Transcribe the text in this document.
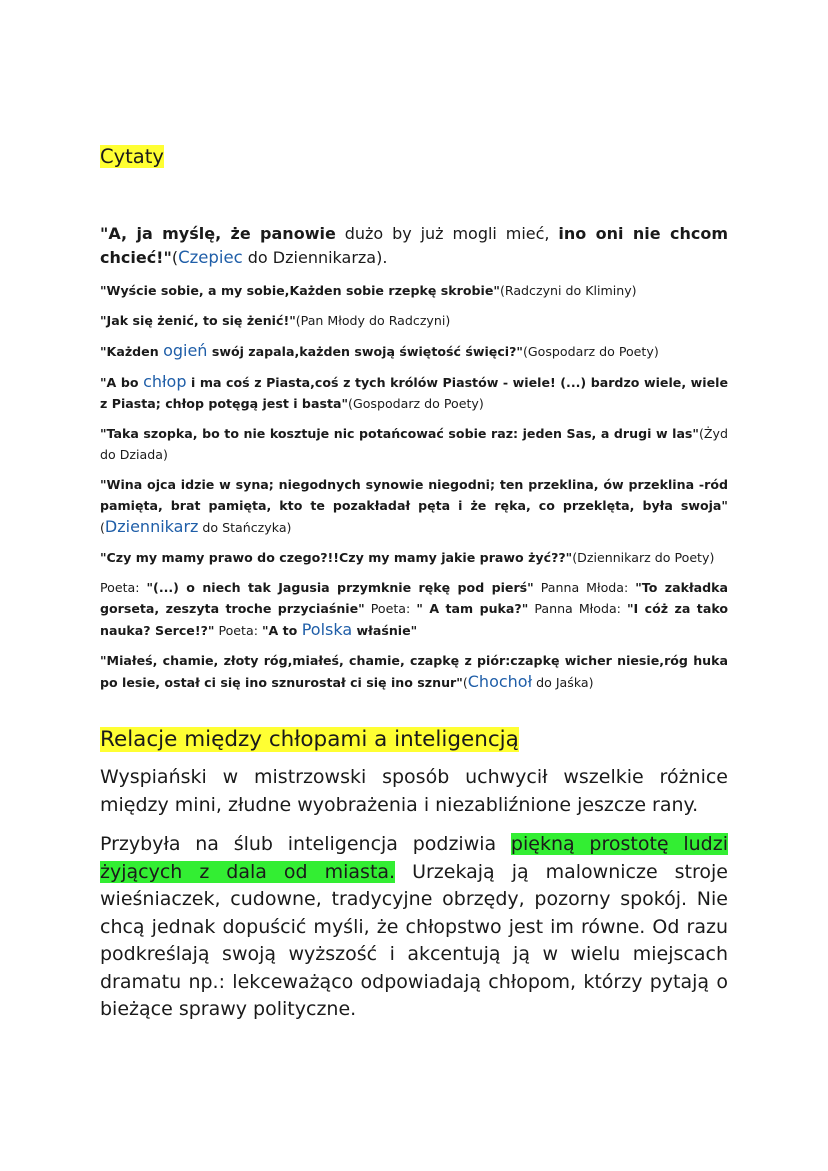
Cytaty

"A, ja myślę, że panowie dużo by już mogli mieć, ino oni nie chcom chcieć!"(Czepiec do Dziennikarza).

"Wyście sobie, a my sobie,Każden sobie rzepkę skrobie"(Radczyni do Kliminy)

"Jak się żenić, to się żenić!"(Pan Młody do Radczyni)

"Każden ogień swój zapala,każden swoją świętość święci?"(Gospodarz do Poety)

"A bo chłop i ma coś z Piasta,coś z tych królów Piastów - wiele! (...) bardzo wiele, wiele z Piasta; chłop potęgą jest i basta"(Gospodarz do Poety)

"Taka szopka, bo to nie kosztuje nic potańcować sobie raz: jeden Sas, a drugi w las"(Żyd do Dziada)

"Wina ojca idzie w syna; niegodnych synowie niegodni; ten przeklina, ów przeklina -ród pamięta, brat pamięta, kto te pozakładał pęta i że ręka, co przeklęta, była swoja"(Dziennikarz do Stańczyka)

"Czy my mamy prawo do czego?!!Czy my mamy jakie prawo żyć??"(Dziennikarz do Poety)

Poeta: "(...) o niech tak Jagusia przymknie rękę pod pierś" Panna Młoda: "To zakładka gorseta, zeszyta troche przyciaśnie" Poeta: " A tam puka?" Panna Młoda: "I cóż za tako nauka? Serce!?" Poeta: "A to Polska właśnie"

"Miałeś, chamie, złoty róg,miałeś, chamie, czapkę z piór:czapkę wicher niesie,róg huka po lesie, ostał ci się ino sznurostał ci się ino sznur"(Chochoł do Jaśka)

Relacje między chłopami a inteligencją

Wyspiański w mistrzowski sposób uchwycił wszelkie różnice między mini, złudne wyobrażenia i niezabliźnione jeszcze rany.

Przybyła na ślub inteligencja podziwia piękną prostotę ludzi żyjących z dala od miasta. Urzekają ją malownicze stroje wieśniaczek, cudowne, tradycyjne obrzędy, pozorny spokój. Nie chcą jednak dopuścić myśli, że chłopstwo jest im równe. Od razu podkreślają swoją wyższość i akcentują ją w wielu miejscach dramatu np.: lekceważąco odpowiadają chłopom, którzy pytają o bieżące sprawy polityczne.
